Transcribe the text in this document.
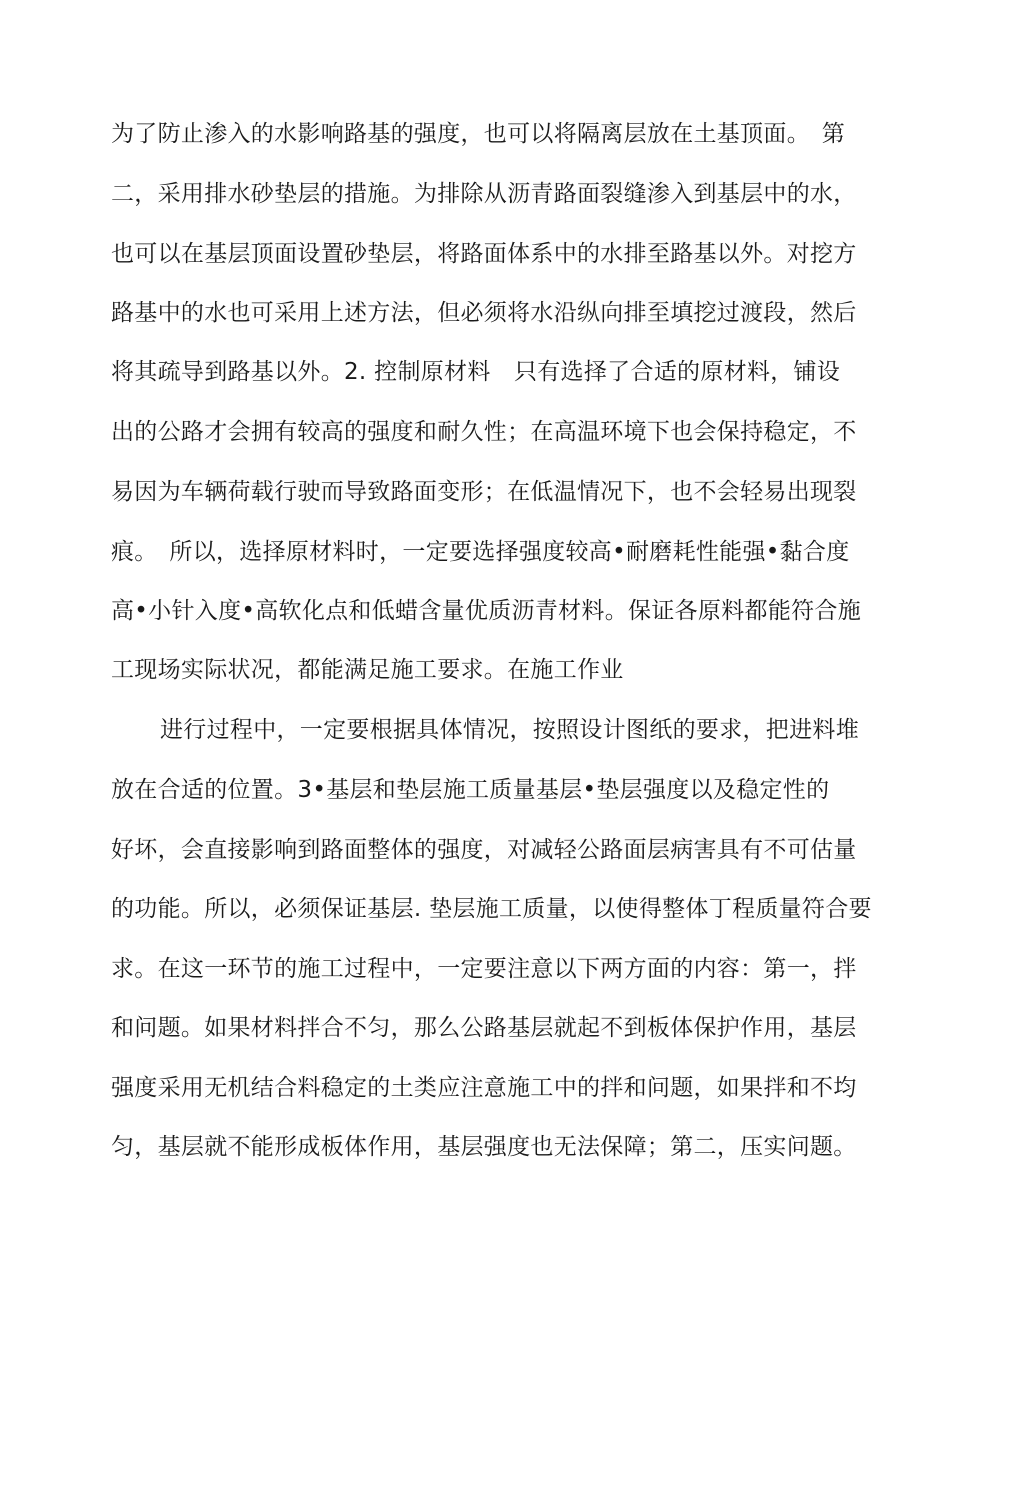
为了防止渗入的水影响路基的强度，也可以将隔离层放在土基顶面。　第
二，采用排水砂垫层的措施。为排除从沥青路面裂缝渗入到基层中的水，
也可以在基层顶面设置砂垫层，将路面体系中的水排至路基以外。对挖方
路基中的水也可采用上述方法，但必须将水沿纵向排至填挖过渡段，然后
将其疏导到路基以外。2. 控制原材料　只有选择了合适的原材料，铺设
出的公路才会拥有较高的强度和耐久性；在高温环境下也会保持稳定，不
易因为车辆荷载行驶而导致路面变形；在低温情况下，也不会轻易出现裂
痕。　所以，选择原材料时，一定要选择强度较高•耐磨耗性能强•黏合度
高•小针入度•高软化点和低蜡含量优质沥青材料。保证各原料都能符合施
工现场实际状况，都能满足施工要求。在施工作业
进行过程中，一定要根据具体情况，按照设计图纸的要求，把进料堆
放在合适的位置。3•基层和垫层施工质量基层•垫层强度以及稳定性的
好坏，会直接影响到路面整体的强度，对减轻公路面层病害具有不可估量
的功能。所以，必须保证基层. 垫层施工质量，以使得整体丁程质量符合要
求。在这一环节的施工过程中，一定要注意以下两方面的内容：第一，拌
和问题。如果材料拌合不匀，那么公路基层就起不到板体保护作用，基层
强度采用无机结合料稳定的土类应注意施工中的拌和问题，如果拌和不均
匀，基层就不能形成板体作用，基层强度也无法保障；第二，压实问题。
